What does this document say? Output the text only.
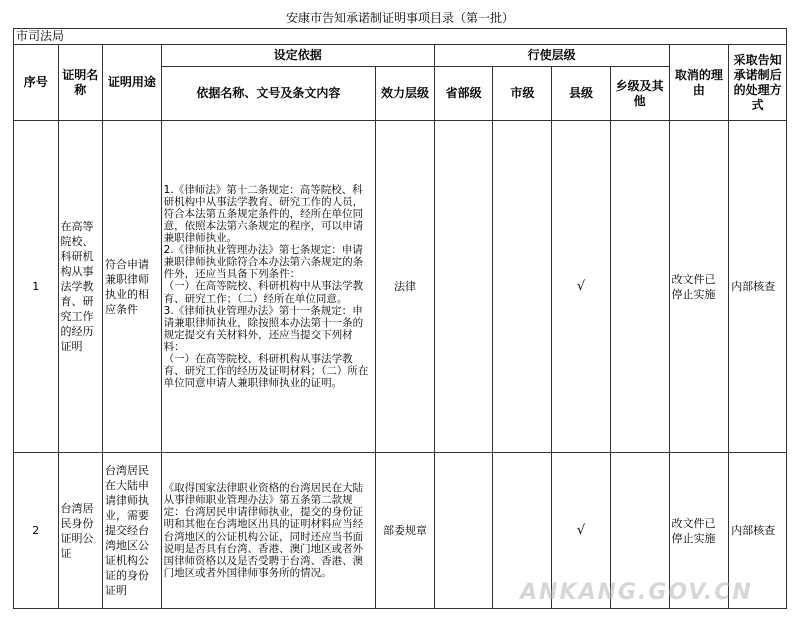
安康市告知承诺制证明事项目录（第一批）
市司法局										
序号	证明名称	证明用途	设定依据		行使层级				取消的理由	采取告知承诺制后的处理方式
			依据名称、文号及条文内容	效力层级	省部级	市级	县级	乡级及其他		
1	在高等院校、科研机构从事法学教育、研究工作的经历证明	符合申请兼职律师执业的相应条件	1.《律师法》第十二条规定：高等院校、科研机构中从事法学教育、研究工作的人员，符合本法第五条规定条件的，经所在单位同意，依照本法第六条规定的程序，可以申请兼职律师执业。

2.《律师执业管理办法》第七条规定：申请兼职律师执业除符合本办法第六条规定的条件外，还应当具备下列条件：

（一）在高等院校、科研机构中从事法学教育、研究工作；（二）经所在单位同意。

3.《律师执业管理办法》第十一条规定：申请兼职律师执业，除按照本办法第十一条的规定提交有关材料外，还应当提交下列材料：

（一）在高等院校、科研机构从事法学教育、研究工作的经历及证明材料；（二）所在单位同意申请人兼职律师执业的证明。	法律			√		改文件已停止实施	内部核查
2	台湾居民身份证明公证	台湾居民在大陆申请律师执业，需要提交经台湾地区公证机构公证的身份证明	《取得国家法律职业资格的台湾居民在大陆从事律师职业管理办法》第五条第二款规定：台湾居民申请律师执业，提交的身份证明和其他在台湾地区出具的证明材料应当经台湾地区的公证机构公证，同时还应当书面说明是否具有台湾、香港、澳门地区或者外国律师资格以及是否受聘于台湾、香港、澳门地区或者外国律师事务所的情况。	部委规章			√		改文件已停止实施	内部核查
ANKANG.GOV.CN
